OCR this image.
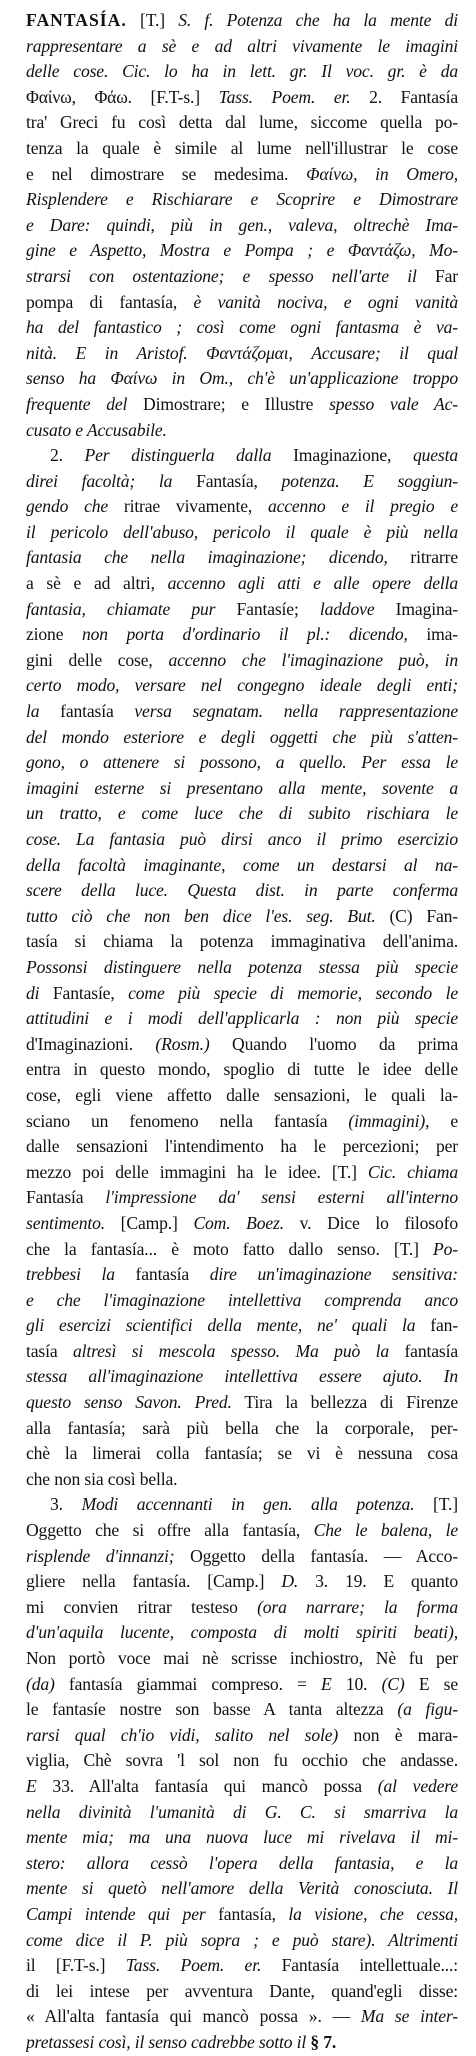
FANTASÍA. [T.] S. f. Potenza che ha la mente di
rappresentare a sè e ad altri vivamente le imagini
delle cose. Cic. lo ha in lett. gr. Il voc. gr. è da
Φαίνω, Φάω. [F.T-s.] Tass. Poem. er. 2. Fantasía
tra' Greci fu così detta dal lume, siccome quella po-
tenza la quale è simile al lume nell'illustrar le cose
e nel dimostrare se medesima. Φαίνω, in Omero,
Risplendere e Rischiarare e Scoprire e Dimostrare
e Dare: quindi, più in gen., valeva, oltrechè Ima-
gine e Aspetto, Mostra e Pompa ; e Φαντάζω, Mo-
strarsi con ostentazione; e spesso nell'arte il Far
pompa di fantasía, è vanità nociva, e ogni vanità
ha del fantastico ; così come ogni fantasma è va-
nità. E in Aristof. Φαντάζομαι, Accusare; il qual
senso ha Φαίνω in Om., ch'è un'applicazione troppo
frequente del Dimostrare; e Illustre spesso vale Ac-
cusato e Accusabile.
2. Per distinguerla dalla Imaginazione, questa
direi facoltà; la Fantasía, potenza. E soggiun-
gendo che ritrae vivamente, accenno e il pregio e
il pericolo dell'abuso, pericolo il quale è più nella
fantasia che nella imaginazione; dicendo, ritrarre
a sè e ad altri, accenno agli atti e alle opere della
fantasia, chiamate pur Fantasíe; laddove Imagina-
zione non porta d'ordinario il pl.: dicendo, ima-
gini delle cose, accenno che l'imaginazione può, in
certo modo, versare nel congegno ideale degli enti;
la fantasía versa segnatam. nella rappresentazione
del mondo esteriore e degli oggetti che più s'atten-
gono, o attenere si possono, a quello. Per essa le
imagini esterne si presentano alla mente, sovente a
un tratto, e come luce che di subito rischiara le
cose. La fantasia può dirsi anco il primo esercizio
della facoltà imaginante, come un destarsi al na-
scere della luce. Questa dist. in parte conferma
tutto ciò che non ben dice l'es. seg. But. (C) Fan-
tasía si chiama la potenza immaginativa dell'anima.
Possonsi distinguere nella potenza stessa più specie
di Fantasíe, come più specie di memorie, secondo le
attitudini e i modi dell'applicarla : non più specie
d'Imaginazioni. (Rosm.) Quando l'uomo da prima
entra in questo mondo, spoglio di tutte le idee delle
cose, egli viene affetto dalle sensazioni, le quali la-
sciano un fenomeno nella fantasía (immagini), e
dalle sensazioni l'intendimento ha le percezioni; per
mezzo poi delle immagini ha le idee. [T.] Cic. chiama
Fantasía l'impressione da' sensi esterni all'interno
sentimento. [Camp.] Com. Boez. v. Dice lo filosofo
che la fantasía... è moto fatto dallo senso. [T.] Po-
trebbesi la fantasía dire un'imaginazione sensitiva:
e che l'imaginazione intellettiva comprenda anco
gli esercizi scientifici della mente, ne' quali la fan-
tasía altresì si mescola spesso. Ma può la fantasía
stessa all'imaginazione intellettiva essere ajuto. In
questo senso Savon. Pred. Tira la bellezza di Firenze
alla fantasía; sarà più bella che la corporale, per-
chè la limerai colla fantasía; se vi è nessuna cosa
che non sia così bella.
3. Modi accennanti in gen. alla potenza. [T.]
Oggetto che si offre alla fantasía, Che le balena, le
risplende d'innanzi; Oggetto della fantasía. — Acco-
gliere nella fantasía. [Camp.] D. 3. 19. E quanto
mi convien ritrar testeso (ora narrare; la forma
d'un'aquila lucente, composta di molti spiriti beati),
Non portò voce mai nè scrisse inchiostro, Nè fu per
(da) fantasía giammai compreso. = E 10. (C) E se
le fantasíe nostre son basse A tanta altezza (a figu-
rarsi qual ch'io vidi, salito nel sole) non è mara-
viglia, Chè sovra 'l sol non fu occhio che andasse.
E 33. All'alta fantasía qui mancò possa (al vedere
nella divinità l'umanità di G. C. si smarriva la
mente mia; ma una nuova luce mi rivelava il mi-
stero: allora cessò l'opera della fantasia, e la
mente si quetò nell'amore della Verità conosciuta. Il
Campi intende qui per fantasía, la visione, che cessa,
come dice il P. più sopra ; e può stare). Altrimenti
il [F.T-s.] Tass. Poem. er. Fantasía intellettuale...:
di lei intese per avventura Dante, quand'egli disse:
« All'alta fantasía qui mancò possa ». — Ma se inter-
pretassesi così, il senso cadrebbe sotto il § 7.
